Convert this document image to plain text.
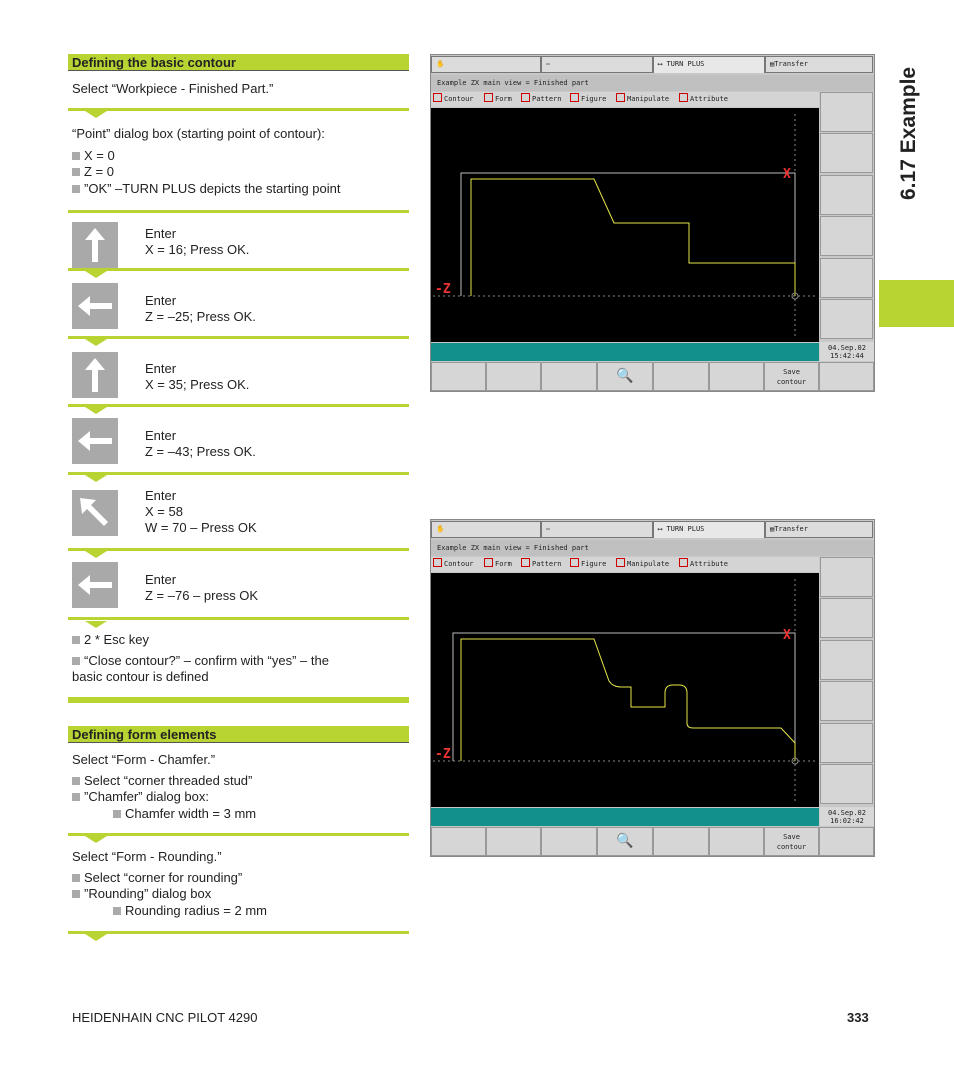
6.17 Example
Defining the basic contour
Select “Workpiece - Finished Part.”
“Point” dialog box (starting point of contour):
X = 0
Z = 0
”OK” –TURN PLUS depicts the starting point
Enter
X = 16; Press OK.
Enter
Z = –25; Press OK.
Enter
X = 35; Press OK.
Enter
Z = –43; Press OK.
Enter
X = 58
W = 70 – Press OK
Enter
Z = –76 – press OK
2 * Esc key
“Close contour?” – confirm with “yes” – the
basic contour is defined
Defining form elements
Select “Form - Chamfer.”
Select “corner threaded stud”
”Chamfer” dialog box:
Chamfer width = 3 mm
Select “Form - Rounding.”
Select “corner for rounding”
”Rounding” dialog box
Rounding radius = 2 mm
HEIDENHAIN CNC PILOT 4290	333
✋	⇨	⟷ TURN PLUS	▤Transfer
Example ZX main view = Finished part
Contour	Form	Pattern	Figure	Manipulate	Attribute
X
-Z
04.Sep.02
15:42:44
🔍	Save
contour
✋	⇨	⟷ TURN PLUS	▤Transfer
Example ZX main view = Finished part
Contour	Form	Pattern	Figure	Manipulate	Attribute
X
-Z
04.Sep.02
16:02:42
🔍	Save
contour
